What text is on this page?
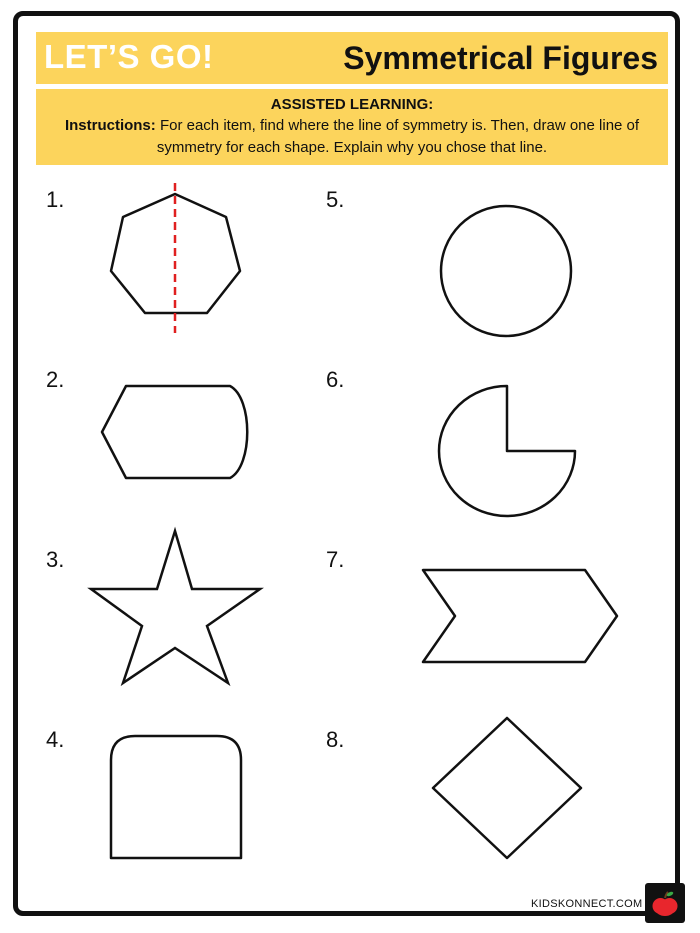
LET’S GO!	Symmetrical Figures
ASSISTED LEARNING:
Instructions: For each item, find where the line of symmetry is. Then, draw one line of symmetry for each shape. Explain why you chose that line.
1.
2.
3.
4.
5.
6.
7.
8.
KIDSKONNECT.COM
